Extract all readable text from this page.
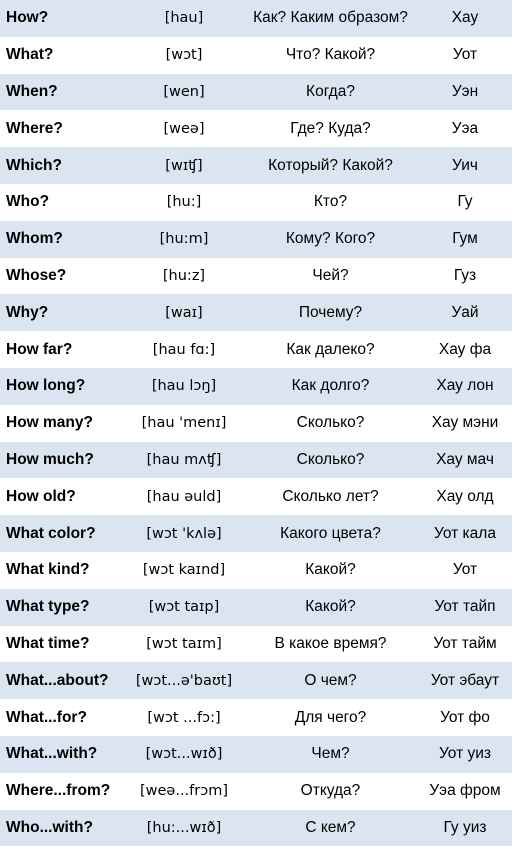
How?	[hau]	Как? Каким образом?	Хау
What?	[wɔt]	Что? Какой?	Уот
When?	[wen]	Когда?	Уэн
Where?	[weə]	Где? Куда?	Уэа
Which?	[wɪʧ]	Который? Какой?	Уич
Who?	[hu:]	Кто?	Гу
Whom?	[hu:m]	Кому? Кого?	Гум
Whose?	[hu:z]	Чей?	Гуз
Why?	[waɪ]	Почему?	Уай
How far?	[hau fɑ:]	Как далеко?	Хау фа
How long?	[hau lɔŋ]	Как долго?	Хау лон
How many?	[hau 'menɪ]	Сколько?	Хау мэни
How much?	[hau mʌʧ]	Сколько?	Хау мач
How old?	[hau əuld]	Сколько лет?	Хау олд
What color?	[wɔt 'kʌlə]	Какого цвета?	Уот кала
What kind?	[wɔt kaɪnd]	Какой?	Уот
What type?	[wɔt taɪp]	Какой?	Уот тайп
What time?	[wɔt taɪm]	В какое время?	Уот тайм
What...about?	[wɔt...ə'baʊt]	О чем?	Уот эбаут
What...for?	[wɔt ...fɔ:]	Для чего?	Уот фо
What...with?	[wɔt...wɪð]	Чем?	Уот уиз
Where...from?	[weə...frɔm]	Откуда?	Уэа фром
Who...with?	[hu:...wɪð]	С кем?	Гу уиз
